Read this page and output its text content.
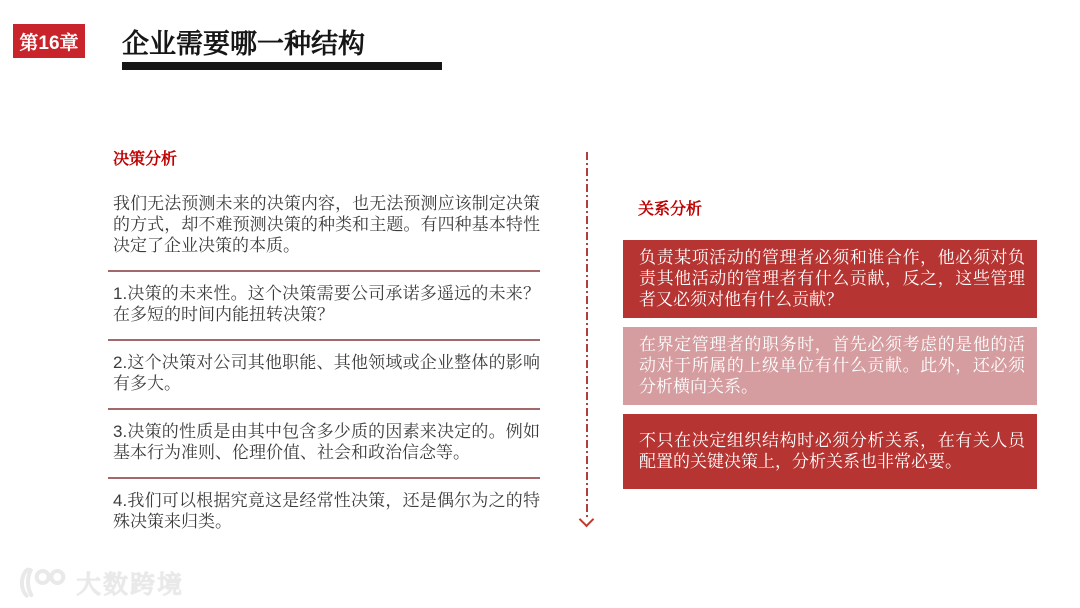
第16章 企业需要哪一种结构
决策分析

我们无法预测未来的决策内容，也无法预测应该制定决策的方式，却不难预测决策的种类和主题。有四种基本特性决定了企业决策的本质。

1.决策的未来性。这个决策需要公司承诺多遥远的未来？在多短的时间内能扭转决策？

2.这个决策对公司其他职能、其他领域或企业整体的影响有多大。

3.决策的性质是由其中包含多少质的因素来决定的。例如基本行为准则、伦理价值、社会和政治信念等。

4.我们可以根据究竟这是经常性决策，还是偶尔为之的特殊决策来归类。

关系分析
负责某项活动的管理者必须和谁合作，他必须对负责其他活动的管理者有什么贡献，反之，这些管理者又必须对他有什么贡献？
在界定管理者的职务时，首先必须考虑的是他的活动对于所属的上级单位有什么贡献。此外，还必须分析横向关系。
不只在决定组织结构时必须分析关系，在有关人员配置的关键决策上，分析关系也非常必要。
大数跨境
